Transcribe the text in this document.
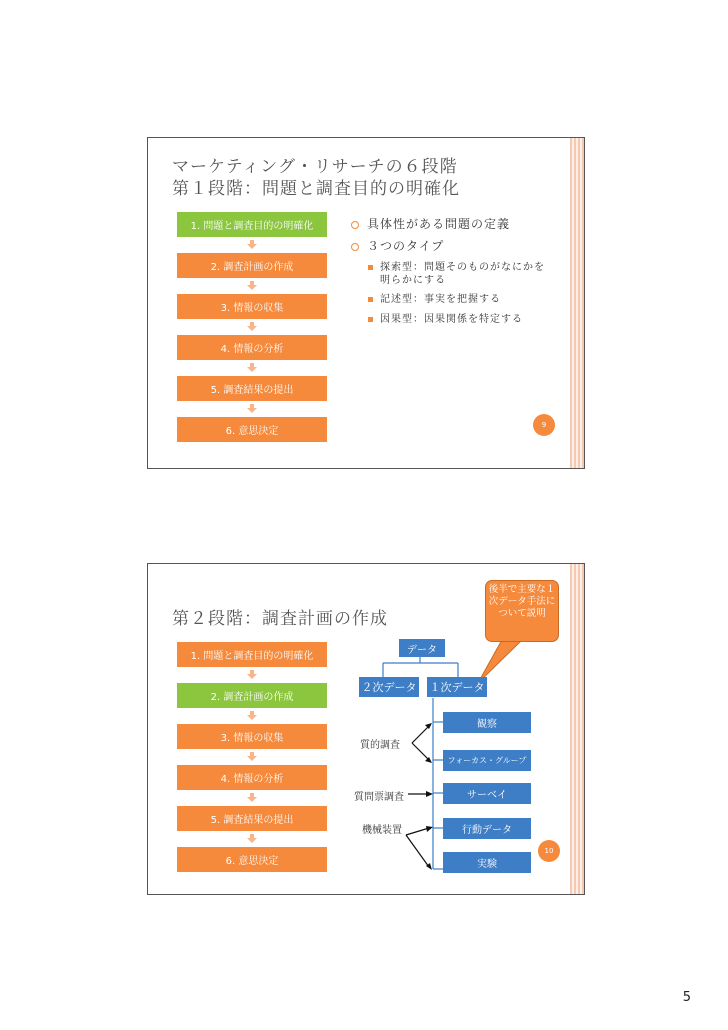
マーケティング・リサーチの６段階
第１段階：問題と調査目的の明確化
1. 問題と調査目的の明確化
2. 調査計画の作成
3. 情報の収集
4. 情報の分析
5. 調査結果の提出
6. 意思決定
具体性がある問題の定義
３つのタイプ
探索型：問題そのものがなにかを明らかにする
記述型：事実を把握する
因果型：因果関係を特定する
9
第２段階：調査計画の作成
1. 問題と調査目的の明確化
2. 調査計画の作成
3. 情報の収集
4. 情報の分析
5. 調査結果の提出
6. 意思決定
後半で主要な１次データ手法について説明
データ
２次データ １次データ
観察
フォーカス・グループ
サーベイ
行動データ
実験
質的調査
質問票調査
機械装置
10
5
